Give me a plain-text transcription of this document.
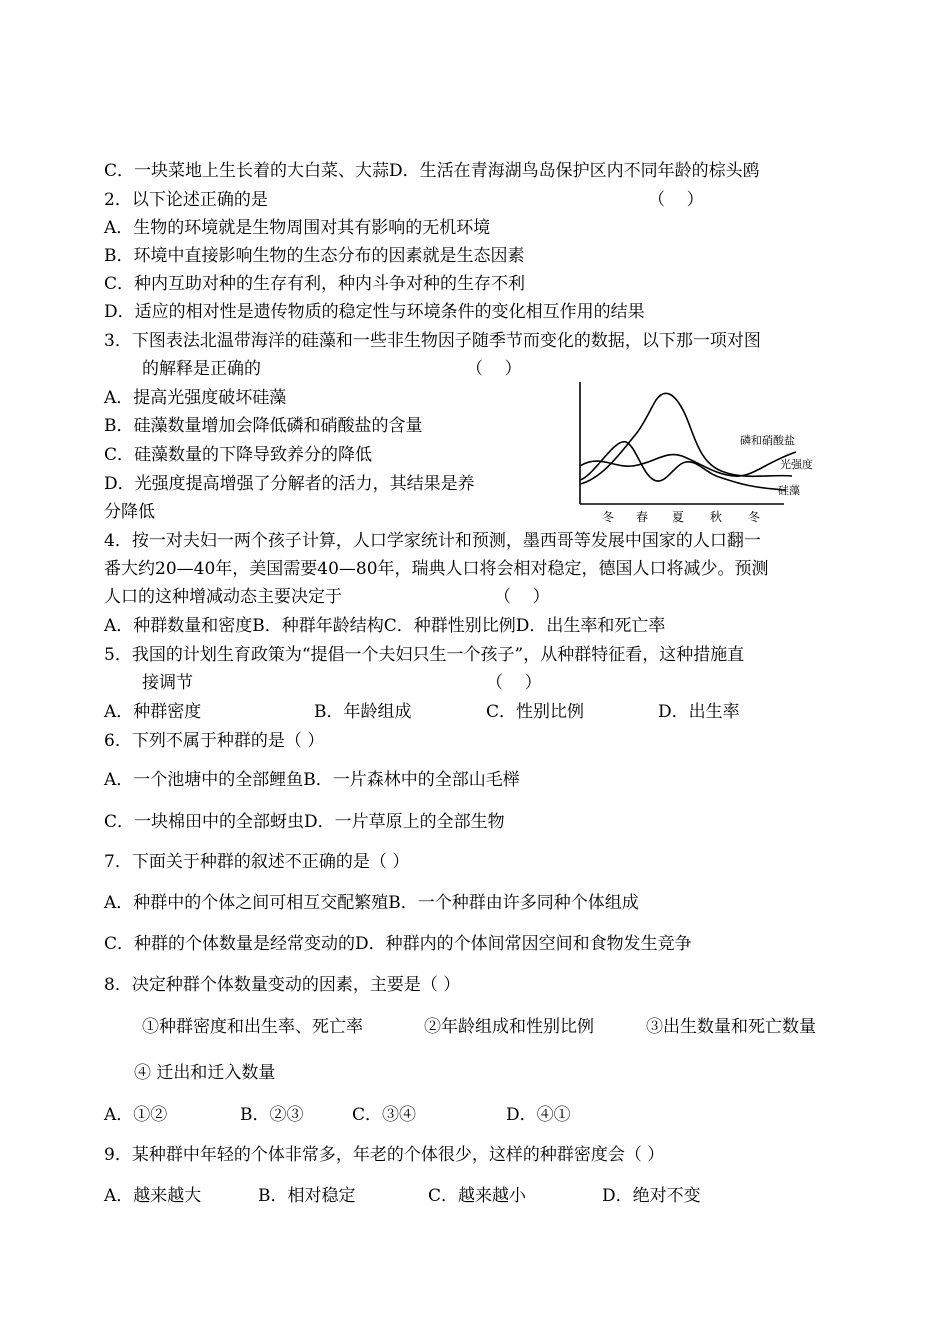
C．一块菜地上生长着的大白菜、大蒜D．生活在青海湖鸟岛保护区内不同年龄的棕头鸥
2．以下论述正确的是	（    ）
A．生物的环境就是生物周围对其有影响的无机环境
B．环境中直接影响生物的生态分布的因素就是生态因素
C．种内互助对种的生存有利，种内斗争对种的生存不利
D．适应的相对性是遗传物质的稳定性与环境条件的变化相互作用的结果
3．下图表法北温带海洋的硅藻和一些非生物因子随季节而变化的数据，以下那一项对图
的解释是正确的	（    ）
A．提高光强度破坏硅藻
B．硅藻数量增加会降低磷和硝酸盐的含量
C．硅藻数量的下降导致养分的降低
D．光强度提高增强了分解者的活力，其结果是养
分降低
磷和硝酸盐
光强度
硅藻
冬 春 夏 秋 冬
4．按一对夫妇一两个孩子计算，人口学家统计和预测，墨西哥等发展中国家的人口翻一
番大约20—40年，美国需要40—80年，瑞典人口将会相对稳定，德国人口将减少。预测
人口的这种增减动态主要决定于	（    ）
A．种群数量和密度B．种群年龄结构C．种群性别比例D．出生率和死亡率
5．我国的计划生育政策为“提倡一个夫妇只生一个孩子”，从种群特征看，这种措施直
接调节	（    ）
A．种群密度	B．年龄组成	C．性别比例	D．出生率
6．下列不属于种群的是（ ）
A．一个池塘中的全部鲤鱼B．一片森林中的全部山毛榉
C．一块棉田中的全部蚜虫D．一片草原上的全部生物
7．下面关于种群的叙述不正确的是（ ）
A．种群中的个体之间可相互交配繁殖B．一个种群由许多同种个体组成
C．种群的个体数量是经常变动的D．种群内的个体间常因空间和食物发生竞争
8．决定种群个体数量变动的因素，主要是（ ）
①种群密度和出生率、死亡率	②年龄组成和性别比例	③出生数量和死亡数量
④ 迁出和迁入数量
A．①②	B．②③	C．③④	D．④①
9．某种群中年轻的个体非常多，年老的个体很少，这样的种群密度会（ ）
A．越来越大	B．相对稳定	C．越来越小	D．绝对不变
